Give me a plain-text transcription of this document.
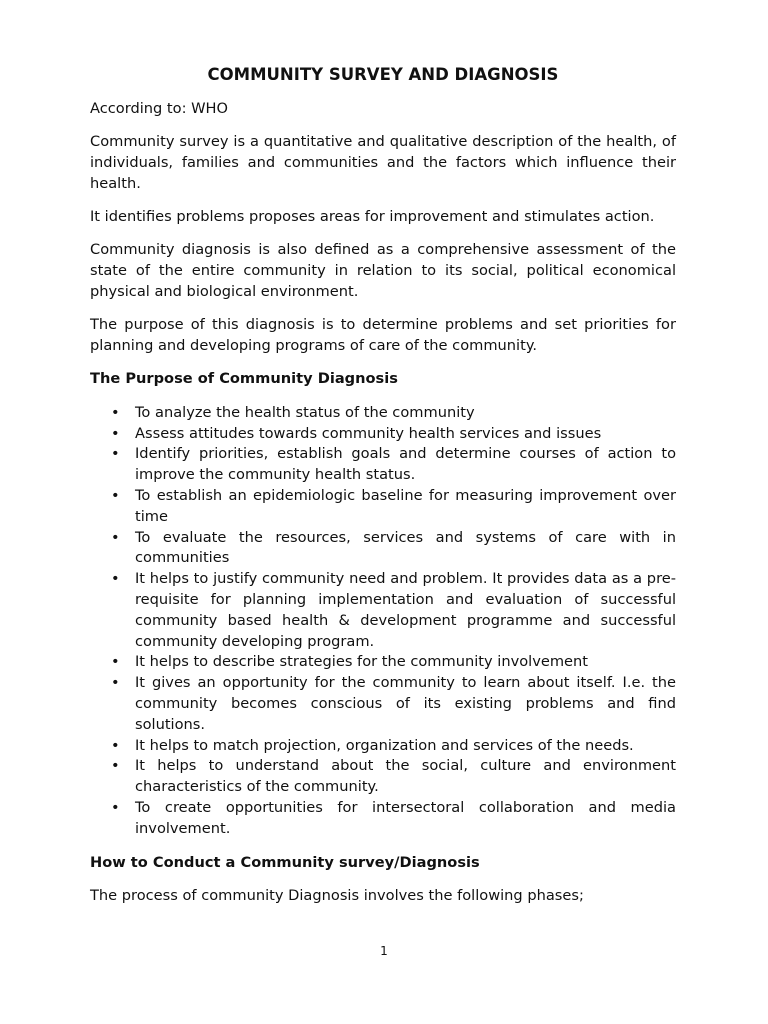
COMMUNITY SURVEY AND DIAGNOSIS

According to: WHO

Community survey is a quantitative and qualitative description of the health, of individuals, families and communities and the factors which influence their health.

It identifies problems proposes areas for improvement and stimulates action.

Community diagnosis is also defined as a comprehensive assessment of the state of the entire community in relation to its social, political economical physical and biological environment.

The purpose of this diagnosis is to determine problems and set priorities for planning and developing programs of care of the community.

The Purpose of Community Diagnosis
• To analyze the health status of the community
• Assess attitudes towards community health services and issues
• Identify priorities, establish goals and determine courses of action to improve the community health status.
• To establish an epidemiologic baseline for measuring improvement over time
• To evaluate the resources, services and systems of care with in communities
• It helps to justify community need and problem. It provides data as a pre-requisite for planning implementation and evaluation of successful community based health & development programme and successful community developing program.
• It helps to describe strategies for the community involvement
• It gives an opportunity for the community to learn about itself. I.e. the community becomes conscious of its existing problems and find solutions.
• It helps to match projection, organization and services of the needs.
• It helps to understand about the social, culture and environment characteristics of the community.
• To create opportunities for intersectoral collaboration and media involvement.
How to Conduct a Community survey/Diagnosis

The process of community Diagnosis involves the following phases;

1
